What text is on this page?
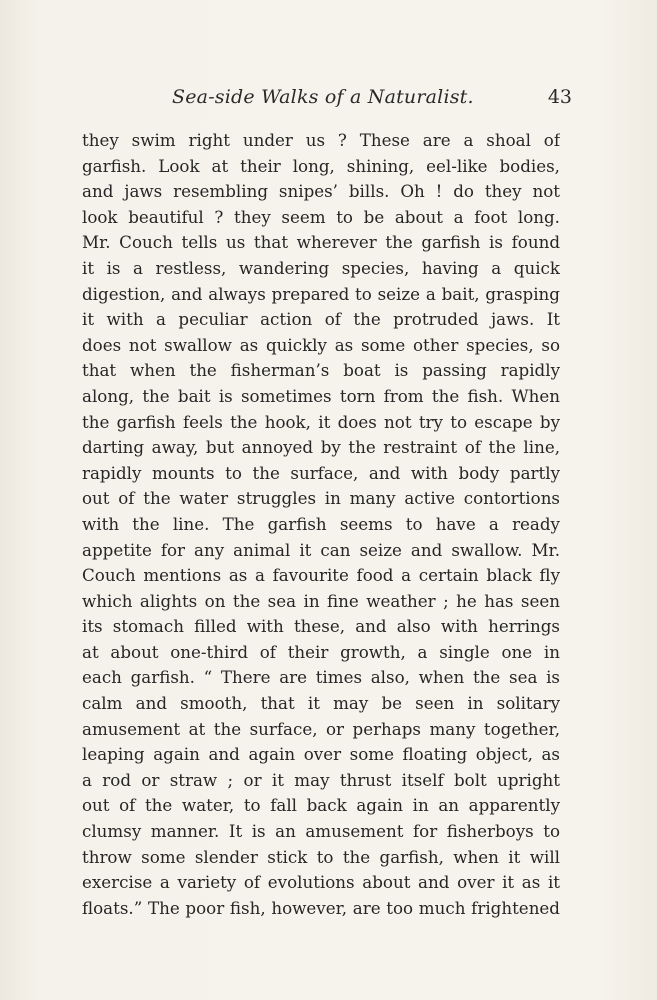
Sea-side Walks of a Naturalist.	43
they swim right under us ? These are a shoal of
garfish. Look at their long, shining, eel-like bodies,
and jaws resembling snipes’ bills. Oh ! do they not
look beautiful ? they seem to be about a foot long.
Mr. Couch tells us that wherever the garfish is found
it is a restless, wandering species, having a quick
digestion, and always prepared to seize a bait, grasping
it with a peculiar action of the protruded jaws. It
does not swallow as quickly as some other species, so
that when the fisherman’s boat is passing rapidly
along, the bait is sometimes torn from the fish. When
the garfish feels the hook, it does not try to escape by
darting away, but annoyed by the restraint of the line,
rapidly mounts to the surface, and with body partly
out of the water struggles in many active contortions
with the line. The garfish seems to have a ready
appetite for any animal it can seize and swallow. Mr.
Couch mentions as a favourite food a certain black fly
which alights on the sea in fine weather ; he has seen
its stomach filled with these, and also with herrings
at about one-third of their growth, a single one in
each garfish. “ There are times also, when the sea is
calm and smooth, that it may be seen in solitary
amusement at the surface, or perhaps many together,
leaping again and again over some floating object, as
a rod or straw ; or it may thrust itself bolt upright
out of the water, to fall back again in an apparently
clumsy manner. It is an amusement for fisherboys to
throw some slender stick to the garfish, when it will
exercise a variety of evolutions about and over it as it
floats.” The poor fish, however, are too much frightened
